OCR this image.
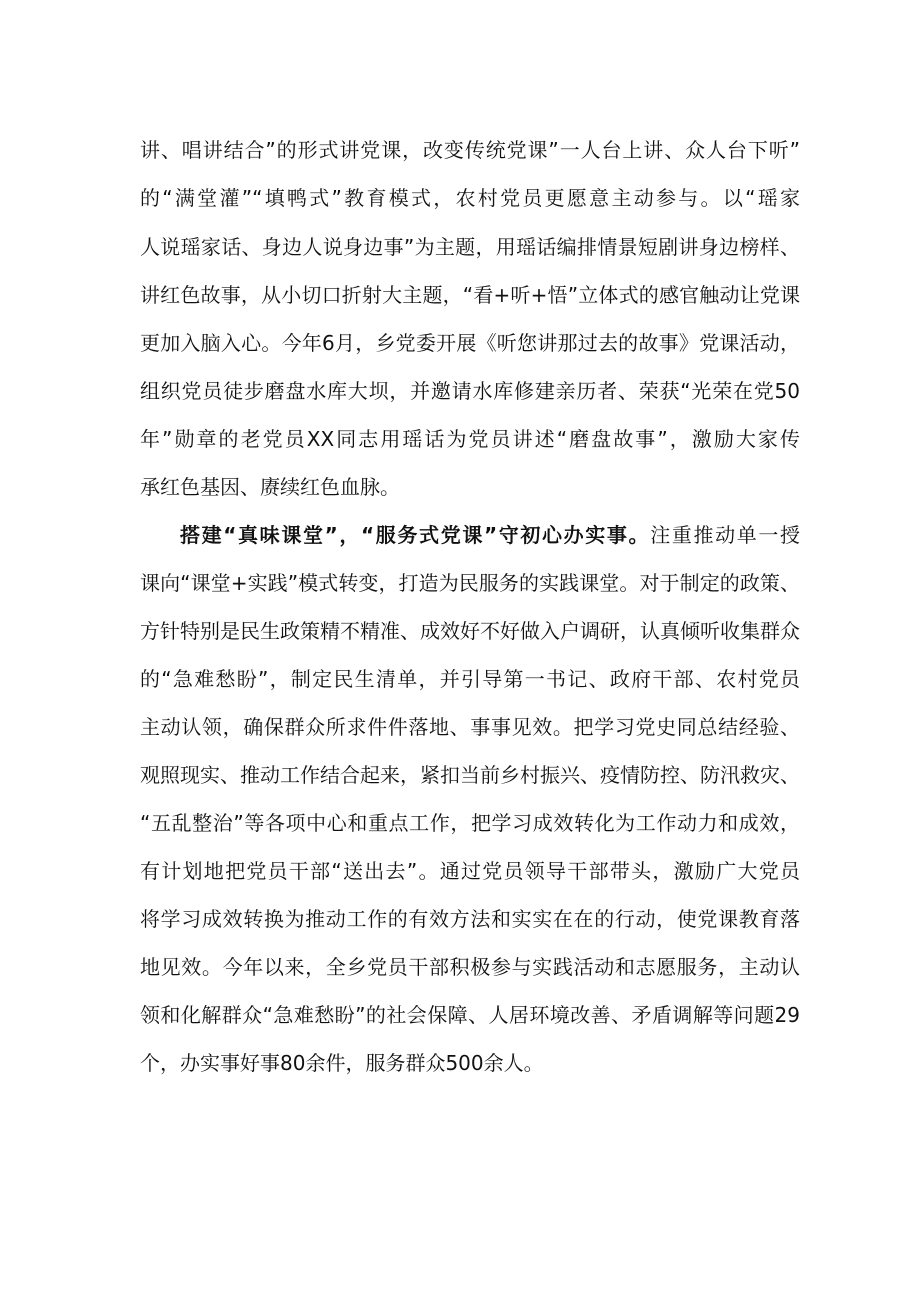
讲、唱讲结合”的形式讲党课，改变传统党课”一人台上讲、众人台下听”
的“满堂灌”“填鸭式”教育模式，农村党员更愿意主动参与。以“瑶家
人说瑶家话、身边人说身边事”为主题，用瑶话编排情景短剧讲身边榜样、
讲红色故事，从小切口折射大主题，“看+听+悟”立体式的感官触动让党课
更加入脑入心。今年6月，乡党委开展《听您讲那过去的故事》党课活动，
组织党员徒步磨盘水库大坝，并邀请水库修建亲历者、荣获“光荣在党50
年”勋章的老党员XX同志用瑶话为党员讲述“磨盘故事”，激励大家传
承红色基因、赓续红色血脉。
搭建“真味课堂”，“服务式党课”守初心办实事。注重推动单一授
课向“课堂+实践”模式转变，打造为民服务的实践课堂。对于制定的政策、
方针特别是民生政策精不精准、成效好不好做入户调研，认真倾听收集群众
的“急难愁盼”，制定民生清单，并引导第一书记、政府干部、农村党员
主动认领，确保群众所求件件落地、事事见效。把学习党史同总结经验、
观照现实、推动工作结合起来，紧扣当前乡村振兴、疫情防控、防汛救灾、
“五乱整治”等各项中心和重点工作，把学习成效转化为工作动力和成效，
有计划地把党员干部“送出去”。通过党员领导干部带头，激励广大党员
将学习成效转换为推动工作的有效方法和实实在在的行动，使党课教育落
地见效。今年以来，全乡党员干部积极参与实践活动和志愿服务，主动认
领和化解群众“急难愁盼”的社会保障、人居环境改善、矛盾调解等问题29
个，办实事好事80余件，服务群众500余人。
